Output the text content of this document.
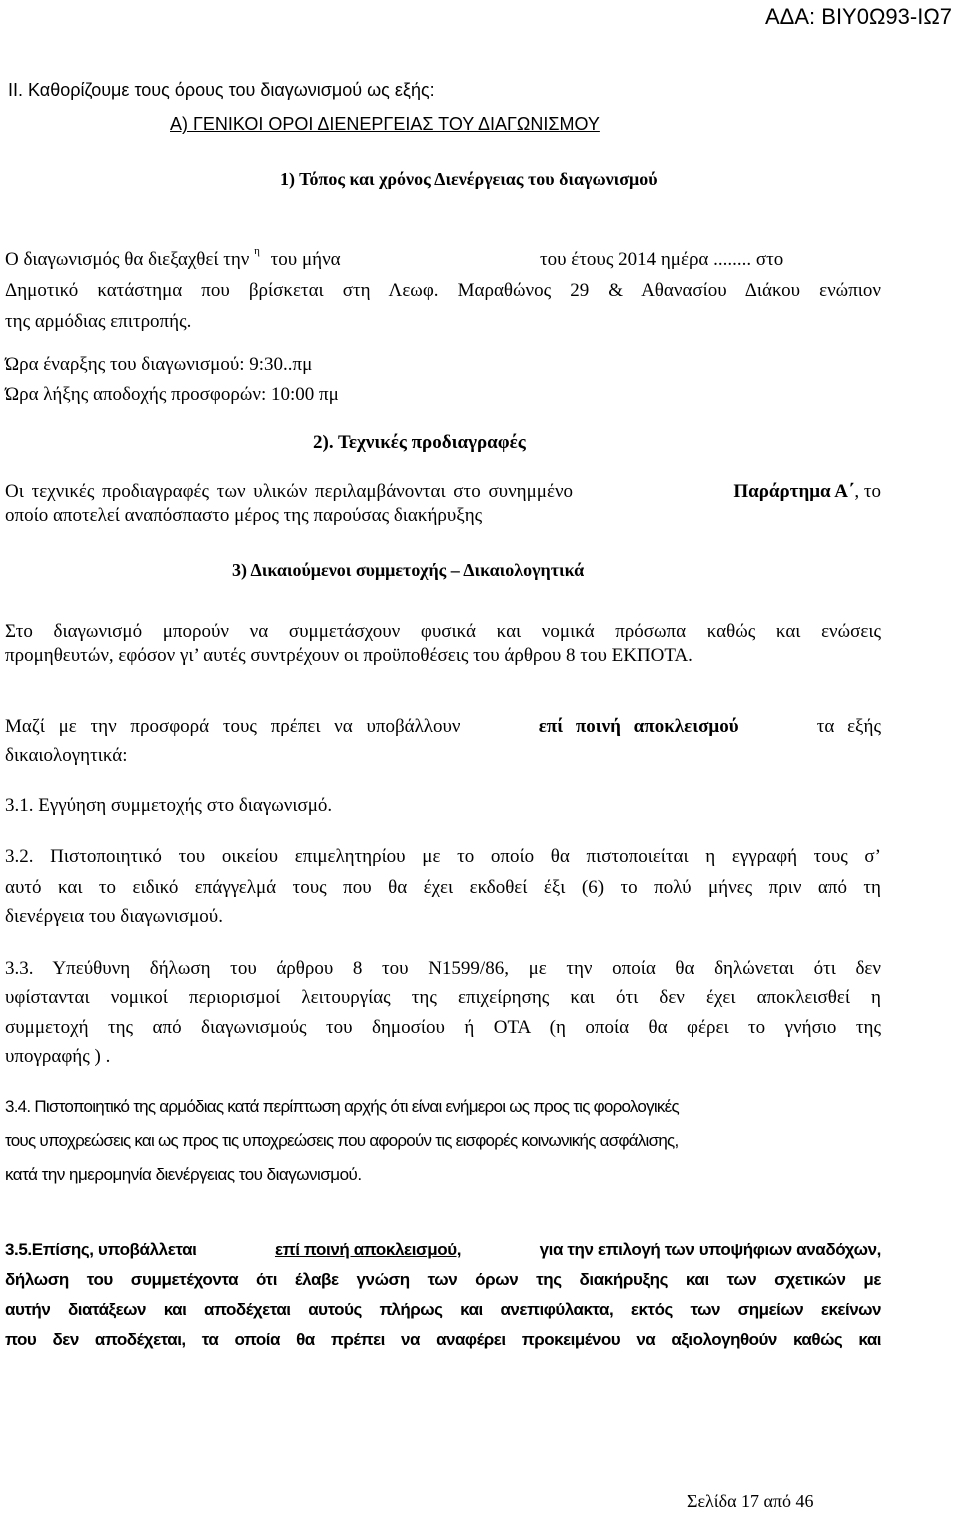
ΑΔΑ: ΒΙΥ0Ω93-ΙΩ7
ΙΙ. Καθορίζουμε τους όρους του διαγωνισμού ως εξής:
Α) ΓΕΝΙΚΟΙ ΟΡΟΙ ΔΙΕΝΕΡΓΕΙΑΣ ΤΟΥ ΔΙΑΓΩΝΙΣΜΟΥ
1) Τόπος και χρόνος Διενέργειας του διαγωνισμού
Ο διαγωνισμός θα διεξαχθεί την $^\eta$ του μήνα	του έτους 2014 ημέρα ........ στο
Δημοτικό κατάστημα που βρίσκεται στη Λεωφ. Μαραθώνος 29 & Αθανασίου Διάκου ενώπιον
της αρμόδιας επιτροπής.
Ώρα έναρξης του διαγωνισμού: 9:30..πμ
Ώρα λήξης αποδοχής προσφορών: 10:00 πμ
2). Τεχνικές προδιαγραφές
Οι τεχνικές προδιαγραφές των υλικών περιλαμβάνονται στο συνημμένο	Παράρτημα Α΄, το
οποίο αποτελεί αναπόσπαστο μέρος της παρούσας διακήρυξης
3) Δικαιούμενοι συμμετοχής – Δικαιολογητικά
Στο διαγωνισμό μπορούν να συμμετάσχουν φυσικά και νομικά πρόσωπα καθώς και ενώσεις
προμηθευτών, εφόσον γι’ αυτές συντρέχουν οι προϋποθέσεις του άρθρου 8 του ΕΚΠΟΤΑ.
Μαζί με την προσφορά τους πρέπει να υποβάλλουν	επί ποινή αποκλεισμού	τα εξής
δικαιολογητικά:
3.1. Εγγύηση συμμετοχής στο διαγωνισμό.
3.2. Πιστοποιητικό του οικείου επιμελητηρίου με το οποίο θα πιστοποιείται η εγγραφή τους σ’
αυτό και το ειδικό επάγγελμά τους που θα έχει εκδοθεί έξι (6) το πολύ μήνες πριν από τη
διενέργεια του διαγωνισμού.
3.3. Υπεύθυνη δήλωση του άρθρου 8 του Ν1599/86, με την οποία θα δηλώνεται ότι δεν
υφίστανται νομικοί περιορισμοί λειτουργίας της επιχείρησης και ότι δεν έχει αποκλεισθεί η
συμμετοχή της από διαγωνισμούς του δημοσίου ή ΟΤΑ (η οποία θα φέρει το γνήσιο της
υπογραφής ) .
3.4. Πιστοποιητικό της αρμόδιας κατά περίπτωση αρχής ότι είναι ενήμεροι ως προς τις φορολογικές
τους υποχρεώσεις και ως προς τις υποχρεώσεις που αφορούν τις εισφορές κοινωνικής ασφάλισης,
κατά την ημερομηνία διενέργειας του διαγωνισμού.
3.5.Επίσης, υποβάλλεται	επί ποινή αποκλεισμού,	για την επιλογή των υποψήφιων αναδόχων,
δήλωση του συμμετέχοντα ότι έλαβε γνώση των όρων της διακήρυξης και των σχετικών με
αυτήν διατάξεων και αποδέχεται αυτούς πλήρως και ανεπιφύλακτα, εκτός των σημείων εκείνων
που δεν αποδέχεται, τα οποία θα πρέπει να αναφέρει προκειμένου να αξιολογηθούν καθώς και
Σελίδα 17 από 46
